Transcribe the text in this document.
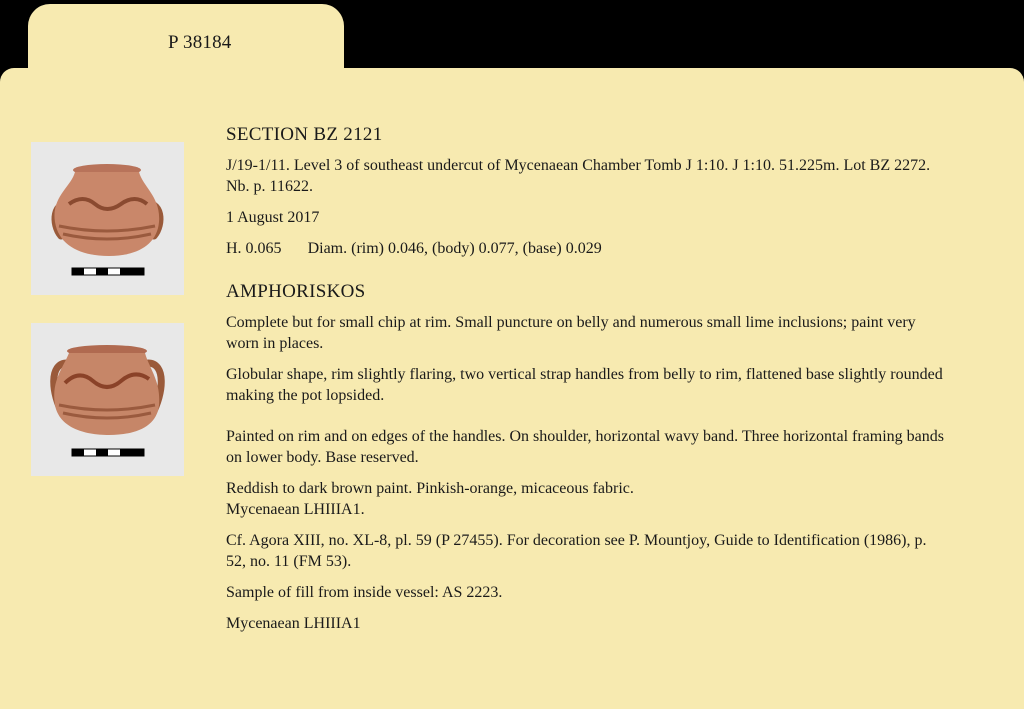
P 38184
SECTION BZ 2121

J/19-1/11. Level 3 of southeast undercut of Mycenaean Chamber Tomb J 1:10. J 1:10. 51.225m. Lot BZ 2272. Nb. p. 11622.

1 August 2017

H. 0.065 Diam. (rim) 0.046, (body) 0.077, (base) 0.029

AMPHORISKOS

Complete but for small chip at rim. Small puncture on belly and numerous small lime inclusions; paint very worn in places.

Globular shape, rim slightly flaring, two vertical strap handles from belly to rim, flattened base slightly rounded making the pot lopsided.

Painted on rim and on edges of the handles. On shoulder, horizontal wavy band. Three horizontal framing bands on lower body. Base reserved.

Reddish to dark brown paint. Pinkish-orange, micaceous fabric.
Mycenaean LHIIIA1.

Cf. Agora XIII, no. XL-8, pl. 59 (P 27455). For decoration see P. Mountjoy, Guide to Identification (1986), p. 52, no. 11 (FM 53).

Sample of fill from inside vessel: AS 2223.

Mycenaean LHIIIA1
